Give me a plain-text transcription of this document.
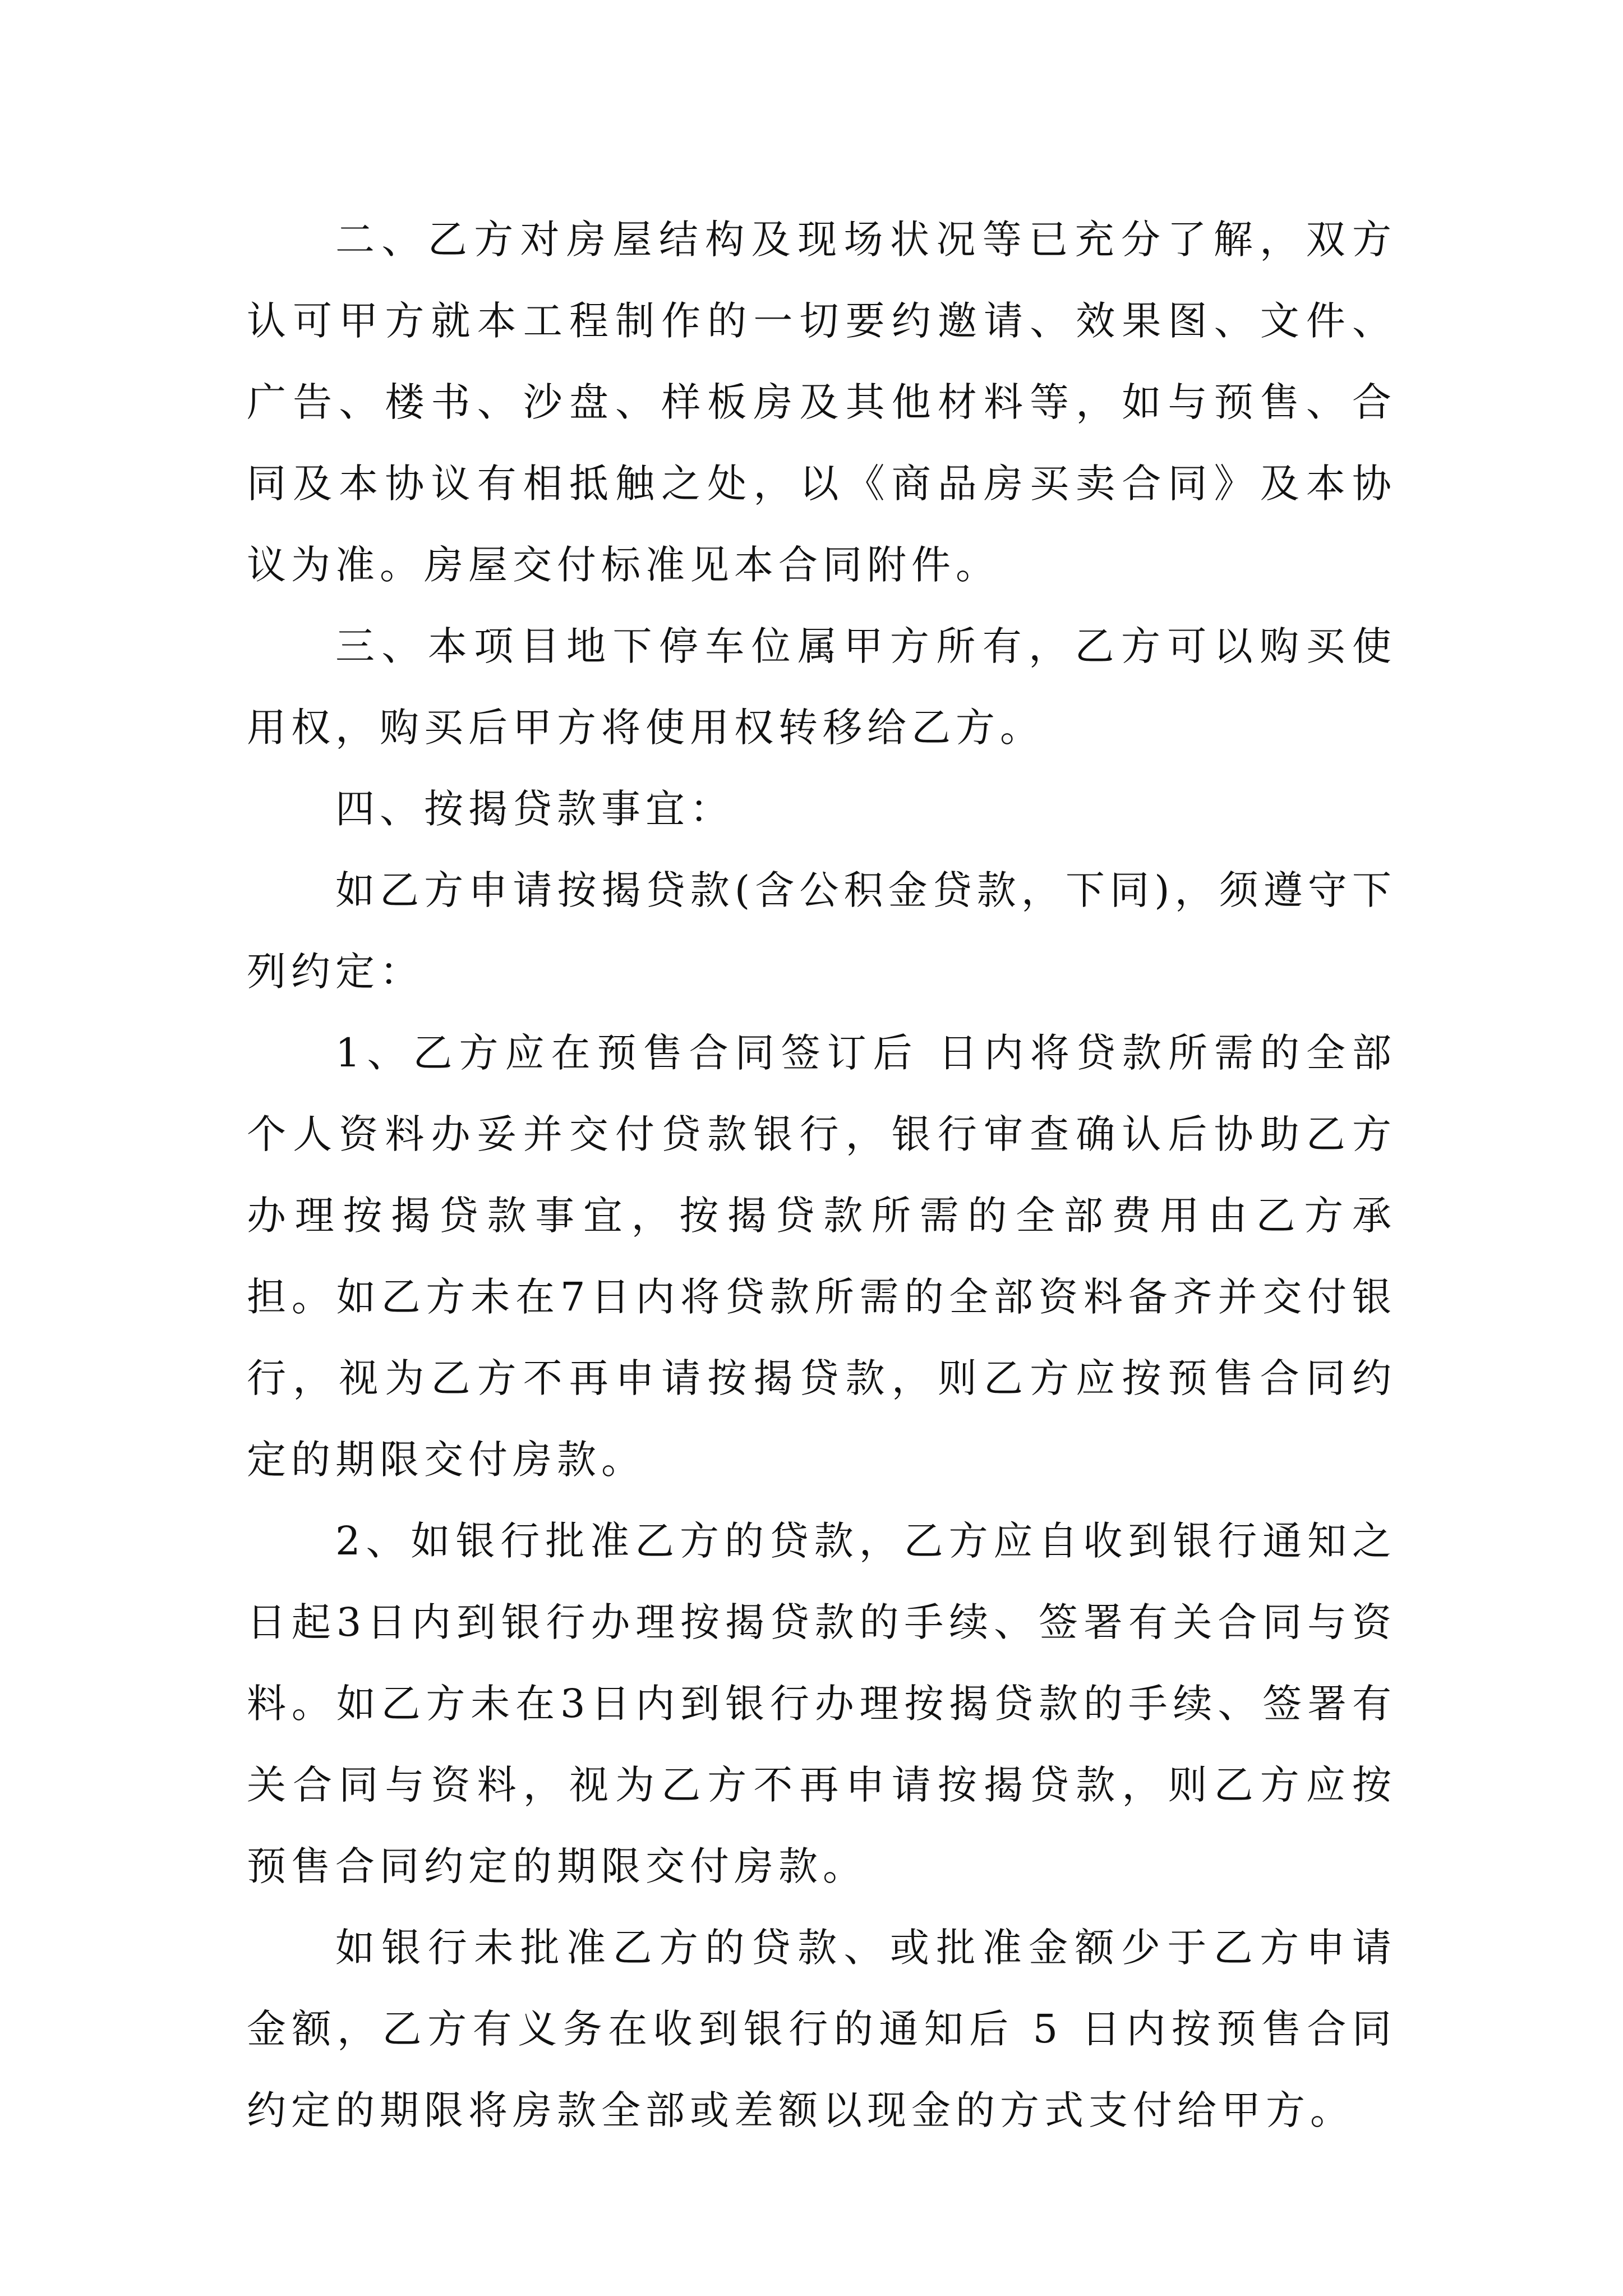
二、乙方对房屋结构及现场状况等已充分了解，双方认可甲方就本工程制作的一切要约邀请、效果图、文件、广告、楼书、沙盘、样板房及其他材料等，如与预售、合同及本协议有相抵触之处，以《商品房买卖合同》及本协议为准。房屋交付标准见本合同附件。

三、本项目地下停车位属甲方所有，乙方可以购买使用权，购买后甲方将使用权转移给乙方。

四、按揭贷款事宜：

如乙方申请按揭贷款(含公积金贷款，下同)，须遵守下列约定：

1、乙方应在预售合同签订后 日内将贷款所需的全部个人资料办妥并交付贷款银行，银行审查确认后协助乙方办理按揭贷款事宜，按揭贷款所需的全部费用由乙方承担。如乙方未在7日内将贷款所需的全部资料备齐并交付银行，视为乙方不再申请按揭贷款，则乙方应按预售合同约定的期限交付房款。

2、如银行批准乙方的贷款，乙方应自收到银行通知之日起3日内到银行办理按揭贷款的手续、签署有关合同与资料。如乙方未在3日内到银行办理按揭贷款的手续、签署有关合同与资料，视为乙方不再申请按揭贷款，则乙方应按预售合同约定的期限交付房款。

如银行未批准乙方的贷款、或批准金额少于乙方申请金额，乙方有义务在收到银行的通知后 5 日内按预售合同约定的期限将房款全部或差额以现金的方式支付给甲方。
